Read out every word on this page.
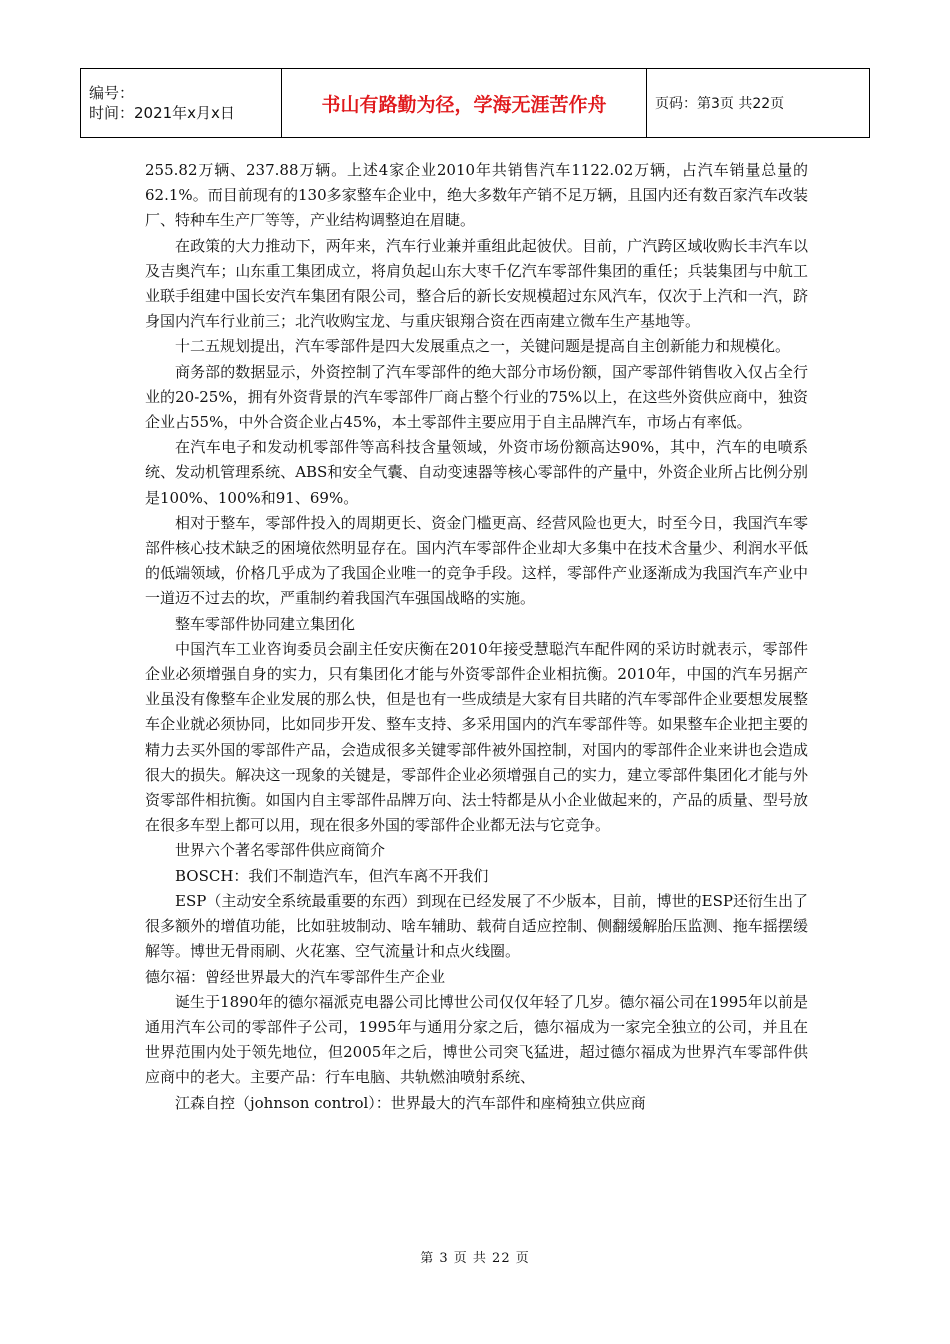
编号：
时间：2021年x月x日	书山有路勤为径，学海无涯苦作舟	页码：第3页 共22页

255.82万辆、237.88万辆。上述4家企业2010年共销售汽车1122.02万辆，占汽车销量总量的62.1%。而目前现有的130多家整车企业中，绝大多数年产销不足万辆，且国内还有数百家汽车改装厂、特种车生产厂等等，产业结构调整迫在眉睫。

在政策的大力推动下，两年来，汽车行业兼并重组此起彼伏。目前，广汽跨区域收购长丰汽车以及吉奥汽车；山东重工集团成立，将肩负起山东大枣千亿汽车零部件集团的重任；兵装集团与中航工业联手组建中国长安汽车集团有限公司，整合后的新长安规模超过东风汽车，仅次于上汽和一汽，跻身国内汽车行业前三；北汽收购宝龙、与重庆银翔合资在西南建立微车生产基地等。

十二五规划提出，汽车零部件是四大发展重点之一，关键问题是提高自主创新能力和规模化。

商务部的数据显示，外资控制了汽车零部件的绝大部分市场份额，国产零部件销售收入仅占全行业的20-25%，拥有外资背景的汽车零部件厂商占整个行业的75%以上，在这些外资供应商中，独资企业占55%，中外合资企业占45%，本土零部件主要应用于自主品牌汽车，市场占有率低。

在汽车电子和发动机零部件等高科技含量领域，外资市场份额高达90%，其中，汽车的电喷系统、发动机管理系统、ABS和安全气囊、自动变速器等核心零部件的产量中，外资企业所占比例分别是100%、100%和91、69%。

相对于整车，零部件投入的周期更长、资金门槛更高、经营风险也更大，时至今日，我国汽车零部件核心技术缺乏的困境依然明显存在。国内汽车零部件企业却大多集中在技术含量少、利润水平低的低端领域，价格几乎成为了我国企业唯一的竞争手段。这样，零部件产业逐渐成为我国汽车产业中一道迈不过去的坎，严重制约着我国汽车强国战略的实施。

整车零部件协同建立集团化

中国汽车工业咨询委员会副主任安庆衡在2010年接受慧聪汽车配件网的采访时就表示，零部件企业必须增强自身的实力，只有集团化才能与外资零部件企业相抗衡。2010年，中国的汽车另据产业虽没有像整车企业发展的那么快，但是也有一些成绩是大家有目共睹的汽车零部件企业要想发展整车企业就必须协同，比如同步开发、整车支持、多采用国内的汽车零部件等。如果整车企业把主要的精力去买外国的零部件产品，会造成很多关键零部件被外国控制，对国内的零部件企业来讲也会造成很大的损失。解决这一现象的关键是，零部件企业必须增强自己的实力，建立零部件集团化才能与外资零部件相抗衡。如国内自主零部件品牌万向、法士特都是从小企业做起来的，产品的质量、型号放在很多车型上都可以用，现在很多外国的零部件企业都无法与它竞争。

世界六个著名零部件供应商简介

BOSCH：我们不制造汽车，但汽车离不开我们

ESP（主动安全系统最重要的东西）到现在已经发展了不少版本，目前，博世的ESP还衍生出了很多额外的增值功能，比如驻坡制动、啥车辅助、载荷自适应控制、侧翻缓解胎压监测、拖车摇摆缓解等。博世无骨雨刷、火花塞、空气流量计和点火线圈。

德尔福：曾经世界最大的汽车零部件生产企业

诞生于1890年的德尔福派克电器公司比博世公司仅仅年轻了几岁。德尔福公司在1995年以前是通用汽车公司的零部件子公司，1995年与通用分家之后，德尔福成为一家完全独立的公司，并且在世界范围内处于领先地位，但2005年之后，博世公司突飞猛进，超过德尔福成为世界汽车零部件供应商中的老大。主要产品：行车电脑、共轨燃油喷射系统、

江森自控（johnson control）：世界最大的汽车部件和座椅独立供应商

第 3 页 共 22 页
